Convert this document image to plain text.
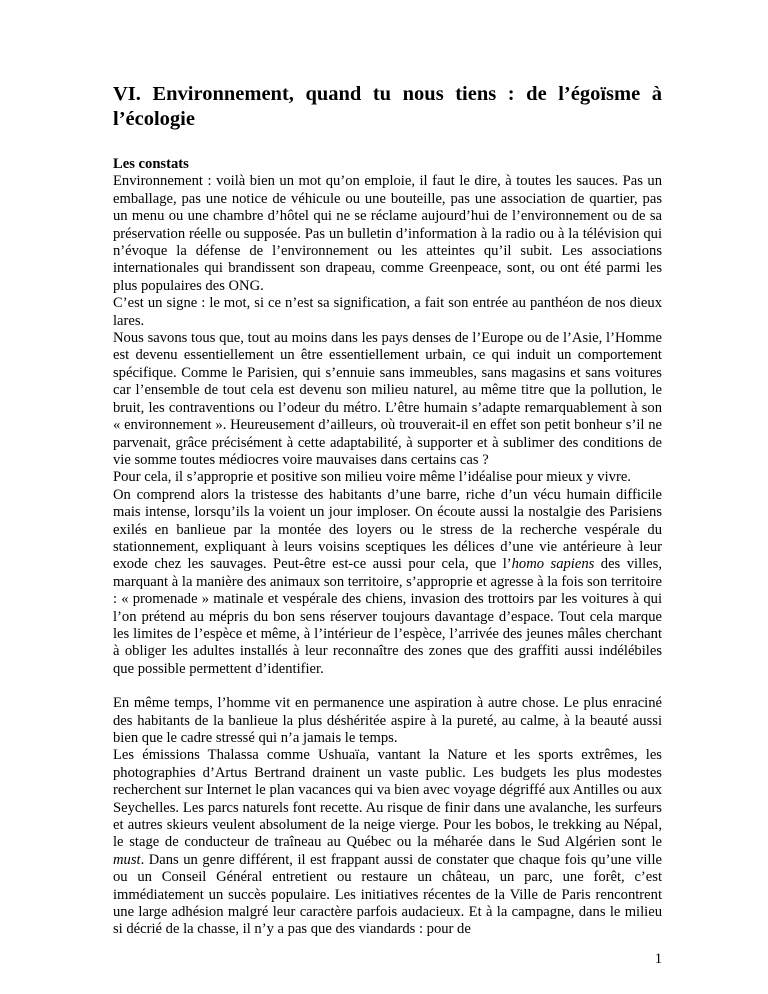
VI. Environnement, quand tu nous tiens : de l’égoïsme à l’écologie

Les constats

Environnement : voilà bien un mot qu’on emploie, il faut le dire, à toutes les sauces. Pas un emballage, pas une notice de véhicule ou une bouteille, pas une association de quartier, pas un menu ou une chambre d’hôtel qui ne se réclame aujourd’hui de l’environnement ou de sa préservation réelle ou supposée. Pas un bulletin d’information à la radio ou à la télévision qui n’évoque la défense de l’environnement ou les atteintes qu’il subit. Les associations internationales qui brandissent son drapeau, comme Greenpeace, sont, ou ont été parmi les plus populaires des ONG.

C’est un signe : le mot, si ce n’est sa signification, a fait son entrée au panthéon de nos dieux lares.

Nous savons tous que, tout au moins dans les pays denses de l’Europe ou de l’Asie, l’Homme est devenu essentiellement un être essentiellement urbain, ce qui induit un comportement spécifique. Comme le Parisien, qui s’ennuie sans immeubles, sans magasins et sans voitures car l’ensemble de tout cela est devenu son milieu naturel, au même titre que la pollution, le bruit, les contraventions ou l’odeur du métro. L’être humain s’adapte remarquablement à son « environnement ». Heureusement d’ailleurs, où trouverait-il en effet son petit bonheur s’il ne parvenait, grâce précisément à cette adaptabilité, à supporter et à sublimer des conditions de vie somme toutes médiocres voire mauvaises dans certains cas ?

Pour cela, il s’approprie et positive son milieu voire même l’idéalise pour mieux y vivre.

On comprend alors la tristesse des habitants d’une barre, riche d’un vécu humain difficile mais intense, lorsqu’ils la voient un jour imploser. On écoute aussi la nostalgie des Parisiens exilés en banlieue par la montée des loyers ou le stress de la recherche vespérale du stationnement, expliquant à leurs voisins sceptiques les délices d’une vie antérieure à leur exode chez les sauvages. Peut-être est-ce aussi pour cela, que l’homo sapiens des villes, marquant à la manière des animaux son territoire, s’approprie et agresse à la fois son territoire : « promenade » matinale et vespérale des chiens, invasion des trottoirs par les voitures à qui l’on prétend au mépris du bon sens réserver toujours davantage d’espace. Tout cela marque les limites de l’espèce et même, à l’intérieur de l’espèce, l’arrivée des jeunes mâles cherchant à obliger les adultes installés à leur reconnaître des zones que des graffiti aussi indélébiles que possible permettent d’identifier.

En même temps, l’homme vit en permanence une aspiration à autre chose. Le plus enraciné des habitants de la banlieue la plus déshéritée aspire à la pureté, au calme, à la beauté aussi bien que le cadre stressé qui n’a jamais le temps.

Les émissions Thalassa comme Ushuaïa, vantant la Nature et les sports extrêmes, les photographies d’Artus Bertrand drainent un vaste public. Les budgets les plus modestes recherchent sur Internet le plan vacances qui va bien avec voyage dégriffé aux Antilles ou aux Seychelles. Les parcs naturels font recette. Au risque de finir dans une avalanche, les surfeurs et autres skieurs veulent absolument de la neige vierge. Pour les bobos, le trekking au Népal, le stage de conducteur de traîneau au Québec ou la méharée dans le Sud Algérien sont le must. Dans un genre différent, il est frappant aussi de constater que chaque fois qu’une ville ou un Conseil Général entretient ou restaure un château, un parc, une forêt, c’est immédiatement un succès populaire. Les initiatives récentes de la Ville de Paris rencontrent une large adhésion malgré leur caractère parfois audacieux. Et à la campagne, dans le milieu si décrié de la chasse, il n’y a pas que des viandards : pour de

1
